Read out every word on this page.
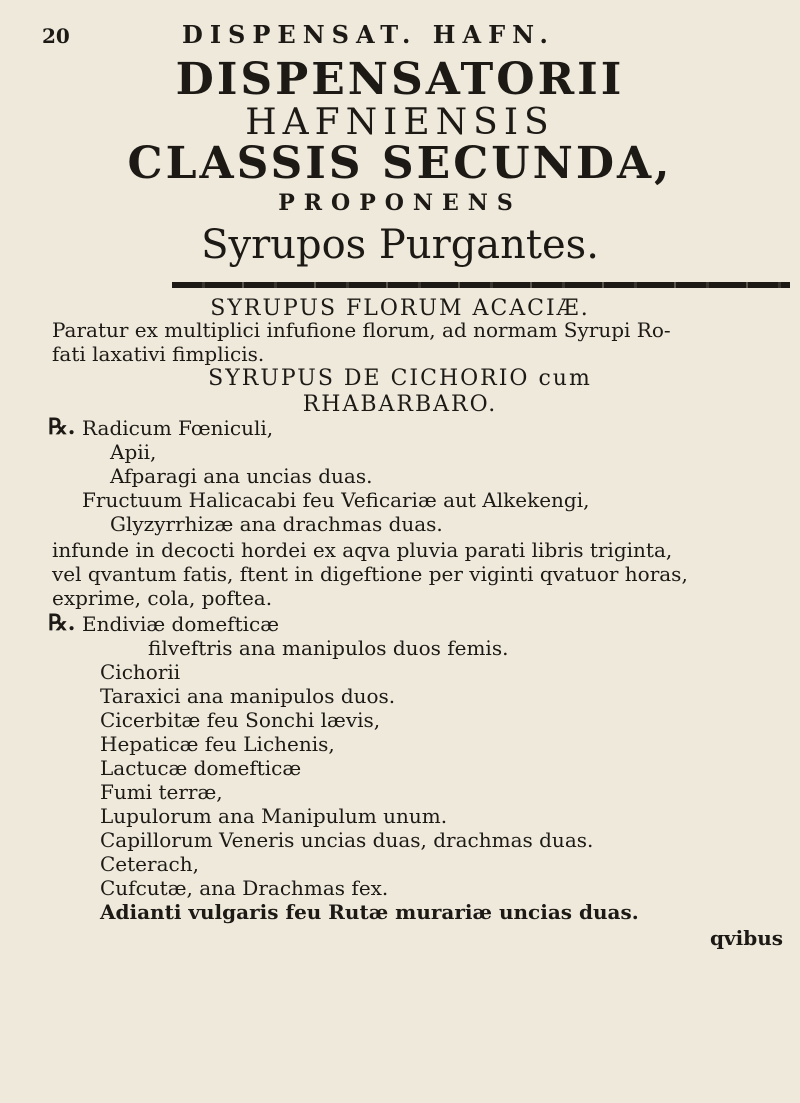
20	DISPENSAT. HAFN.
DISPENSATORII
HAFNIENSIS
CLASSIS SECUNDA,
PROPONENS
Syrupos Purgantes.
SYRUPUS FLORUM ACACIÆ.
Paratur ex multiplici infufione florum, ad normam Syrupi Ro-
fati laxativi fimplicis.
SYRUPUS DE CICHORIO cum
RHABARBARO.
℞. Radicum Fœniculi,
Apii,
Afparagi ana uncias duas.
Fructuum Halicacabi feu Veficariæ aut Alkekengi,
Glyzyrrhizæ ana drachmas duas.
infunde in decocti hordei ex aqva pluvia parati libris triginta,
vel qvantum fatis, ftent in digeftione per viginti qvatuor horas,
exprime, cola, poftea.
℞. Endiviæ domefticæ
filveftris ana manipulos duos femis.
Cichorii
Taraxici ana manipulos duos.
Cicerbitæ feu Sonchi lævis,
Hepaticæ feu Lichenis,
Lactucæ domefticæ
Fumi terræ,
Lupulorum ana Manipulum unum.
Capillorum Veneris uncias duas, drachmas duas.
Ceterach,
Cufcutæ, ana Drachmas fex.
Adianti vulgaris feu Rutæ murariæ uncias duas.
qvibus
